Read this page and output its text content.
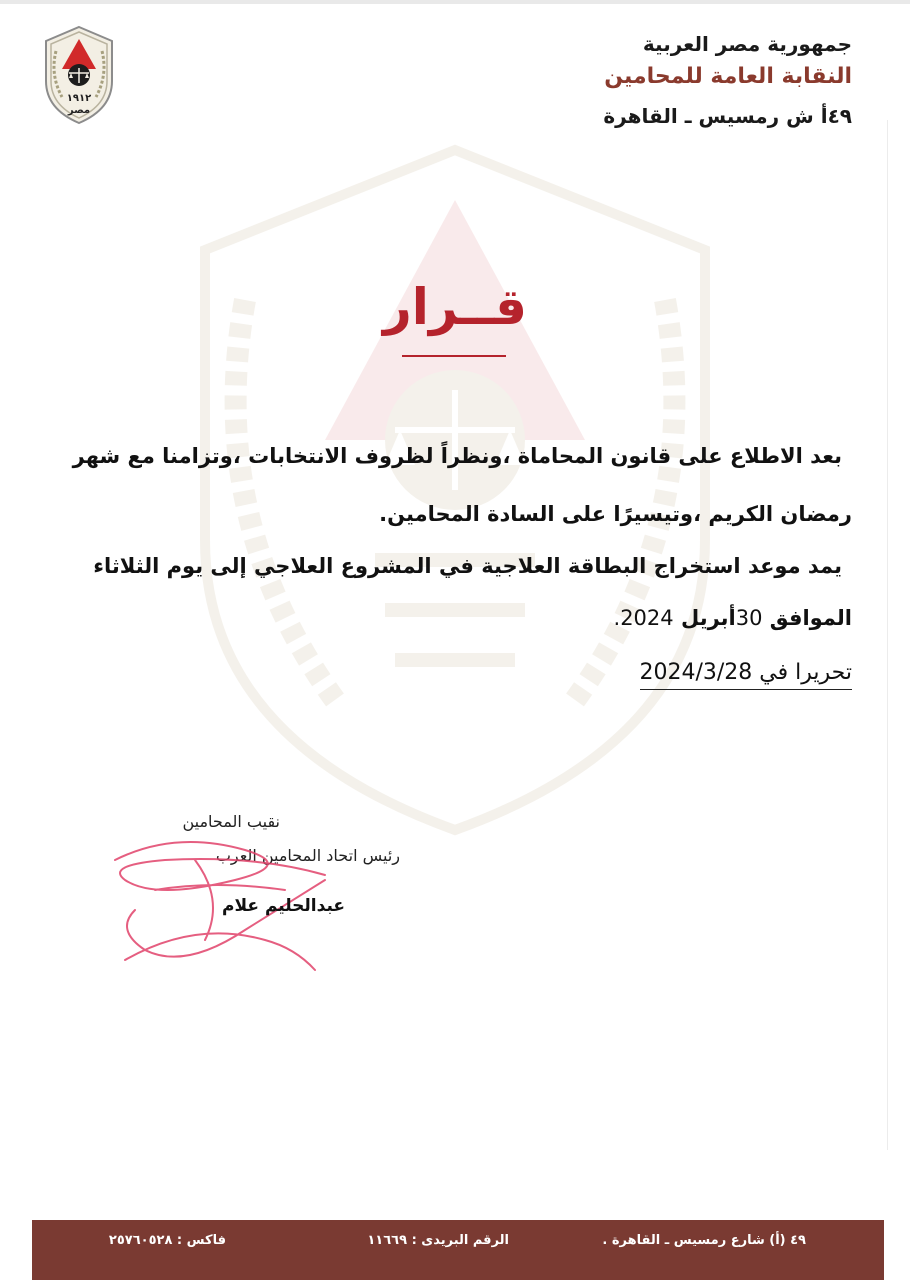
١٩١٢
مصر
جمهورية مصر العربية
النقابة العامة للمحامين
٤٩أ ش رمسيس ـ القاهرة
قــرار
بعد الاطلاع على قانون المحاماة ،ونظراً لظروف الانتخابات ،وتزامنا مع شهر
رمضان الكريم ،وتيسيرًا على السادة المحامين.
يمد موعد استخراج البطاقة العلاجية في المشروع العلاجي إلى يوم الثلاثاء
الموافق 30أبريل 2024.
تحريرا في 2024/3/28
نقيب المحامين
رئيس اتحاد المحامين العرب
عبدالحليم علام
٤٩ (أ) شارع رمسيس ـ القاهرة .
الرقم البريدى : ١١٦٦٩
فاكس : ٢٥٧٦٠٥٢٨
